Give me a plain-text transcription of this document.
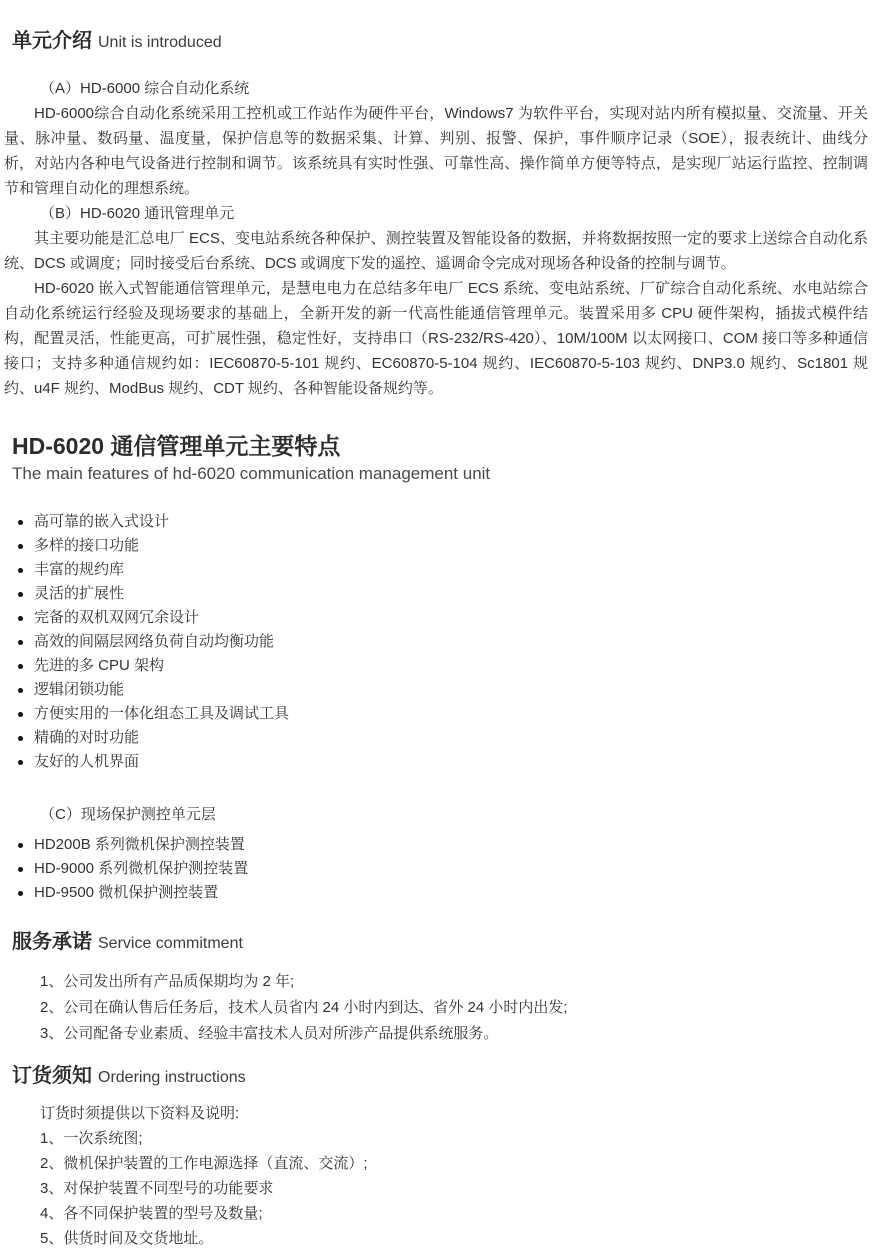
单元介绍 Unit is introduced

（A）HD-6000 综合自动化系统

HD-6000综合自动化系统采用工控机或工作站作为硬件平台，Windows7 为软件平台，实现对站内所有模拟量、交流量、开关量、脉冲量、数码量、温度量，保护信息等的数据采集、计算、判别、报警、保护，事件顺序记录（SOE），报表统计、曲线分析，对站内各种电气设备进行控制和调节。该系统具有实时性强、可靠性高、操作简单方便等特点，是实现厂站运行监控、控制调节和管理自动化的理想系统。

（B）HD-6020 通讯管理单元

其主要功能是汇总电厂 ECS、变电站系统各种保护、测控装置及智能设备的数据，并将数据按照一定的要求上送综合自动化系统、DCS 或调度；同时接受后台系统、DCS 或调度下发的遥控、遥调命令完成对现场各种设备的控制与调节。

HD-6020 嵌入式智能通信管理单元，是慧电电力在总结多年电厂 ECS 系统、变电站系统、厂矿综合自动化系统、水电站综合自动化系统运行经验及现场要求的基础上，全新开发的新一代高性能通信管理单元。装置采用多 CPU 硬件架构，插拔式模件结构，配置灵活，性能更高，可扩展性强，稳定性好，支持串口（RS-232/RS-420）、10M/100M 以太网接口、COM 接口等多种通信接口；支持多种通信规约如：IEC60870-5-101 规约、EC60870-5-104 规约、IEC60870-5-103 规约、DNP3.0 规约、Sc1801 规约、u4F 规约、ModBus 规约、CDT 规约、各种智能设备规约等。

HD-6020 通信管理单元主要特点

The main features of hd-6020 communication management unit

高可靠的嵌入式设计
多样的接口功能
丰富的规约库
灵活的扩展性
完备的双机双网冗余设计
高效的间隔层网络负荷自动均衡功能
先进的多 CPU 架构
逻辑闭锁功能
方便实用的一体化组态工具及调试工具
精确的对时功能
友好的人机界面

（C）现场保护测控单元层

HD200B 系列微机保护测控装置
HD-9000 系列微机保护测控装置
HD-9500 微机保护测控装置
服务承诺 Service commitment

1、公司发出所有产品质保期均为 2 年;

2、公司在确认售后任务后，技术人员省内 24 小时内到达、省外 24 小时内出发;

3、公司配备专业素质、经验丰富技术人员对所涉产品提供系统服务。

订货须知 Ordering instructions

订货时须提供以下资料及说明:

1、一次系统图;

2、微机保护装置的工作电源选择（直流、交流）;

3、对保护装置不同型号的功能要求

4、各不同保护装置的型号及数量;

5、供货时间及交货地址。
